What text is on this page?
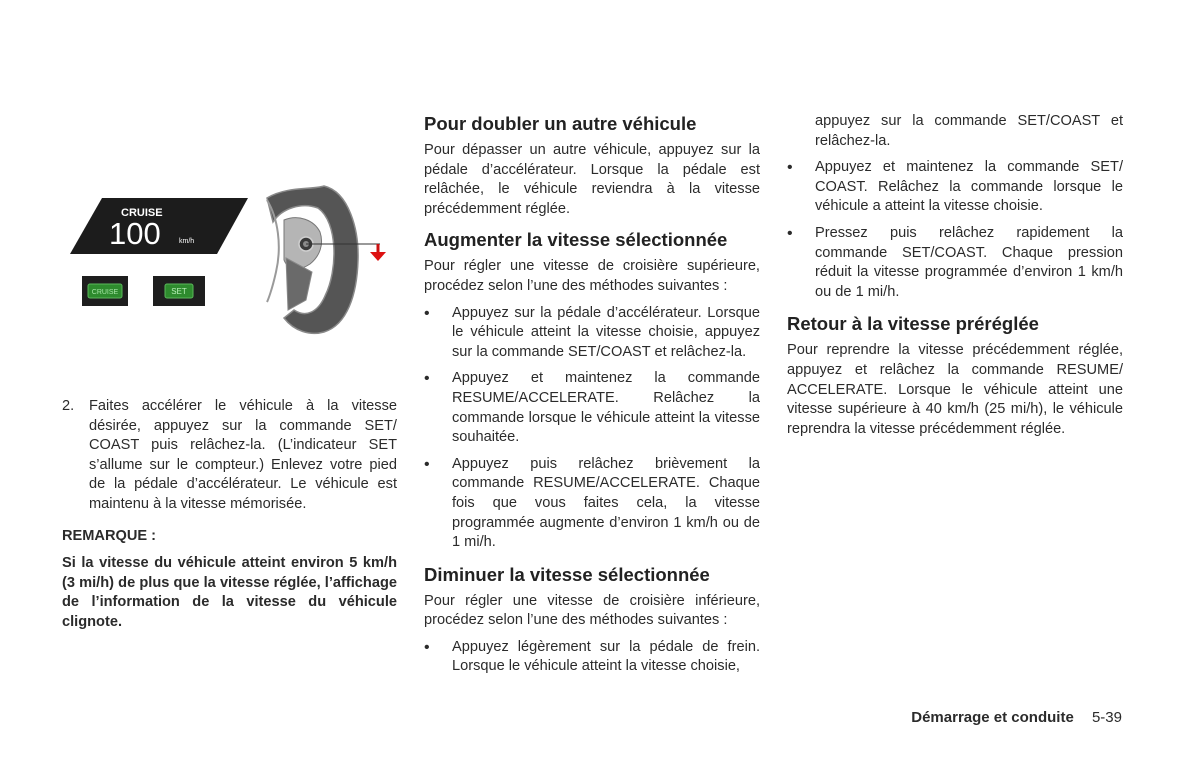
CRUISE
100	km/h
CRUISE	SET
2. Faites accélérer le véhicule à la vitesse désirée, appuyez sur la commande SET/ COAST puis relâchez-la. (L’indicateur SET s’allume sur le compteur.) Enlevez votre pied de la pédale d’accélérateur. Le véhicule est maintenu à la vitesse mémorisée.

REMARQUE :

Si la vitesse du véhicule atteint environ 5 km/h (3 mi/h) de plus que la vitesse réglée, l’affichage de l’information de la vitesse du véhicule clignote.

Pour doubler un autre véhicule

Pour dépasser un autre véhicule, appuyez sur la pédale d’accélérateur. Lorsque la pédale est relâchée, le véhicule reviendra à la vitesse précédemment réglée.

Augmenter la vitesse sélectionnée

Pour régler une vitesse de croisière supérieure, procédez selon l’une des méthodes suivantes :

• Appuyez sur la pédale d’accélérateur. Lorsque le véhicule atteint la vitesse choisie, appuyez sur la commande SET/COAST et relâchez-la.
• Appuyez et maintenez la commande RESUME/ACCELERATE. Relâchez la commande lorsque le véhicule atteint la vitesse souhaitée.
• Appuyez puis relâchez brièvement la commande RESUME/ACCELERATE. Chaque fois que vous faites cela, la vitesse programmée augmente d’environ 1 km/h ou de 1 mi/h.
Diminuer la vitesse sélectionnée

Pour régler une vitesse de croisière inférieure, procédez selon l’une des méthodes suivantes :

• Appuyez légèrement sur la pédale de frein. Lorsque le véhicule atteint la vitesse choisie,

appuyez sur la commande SET/COAST et relâchez-la.

• Appuyez et maintenez la commande SET/ COAST. Relâchez la commande lorsque le véhicule a atteint la vitesse choisie.
• Pressez puis relâchez rapidement la commande SET/COAST. Chaque pression réduit la vitesse programmée d’environ 1 km/h ou de 1 mi/h.
Retour à la vitesse préréglée

Pour reprendre la vitesse précédemment réglée, appuyez et relâchez la commande RESUME/ ACCELERATE. Lorsque le véhicule atteint une vitesse supérieure à 40 km/h (25 mi/h), le véhicule reprendra la vitesse précédemment réglée.

Démarrage et conduite 5-39
